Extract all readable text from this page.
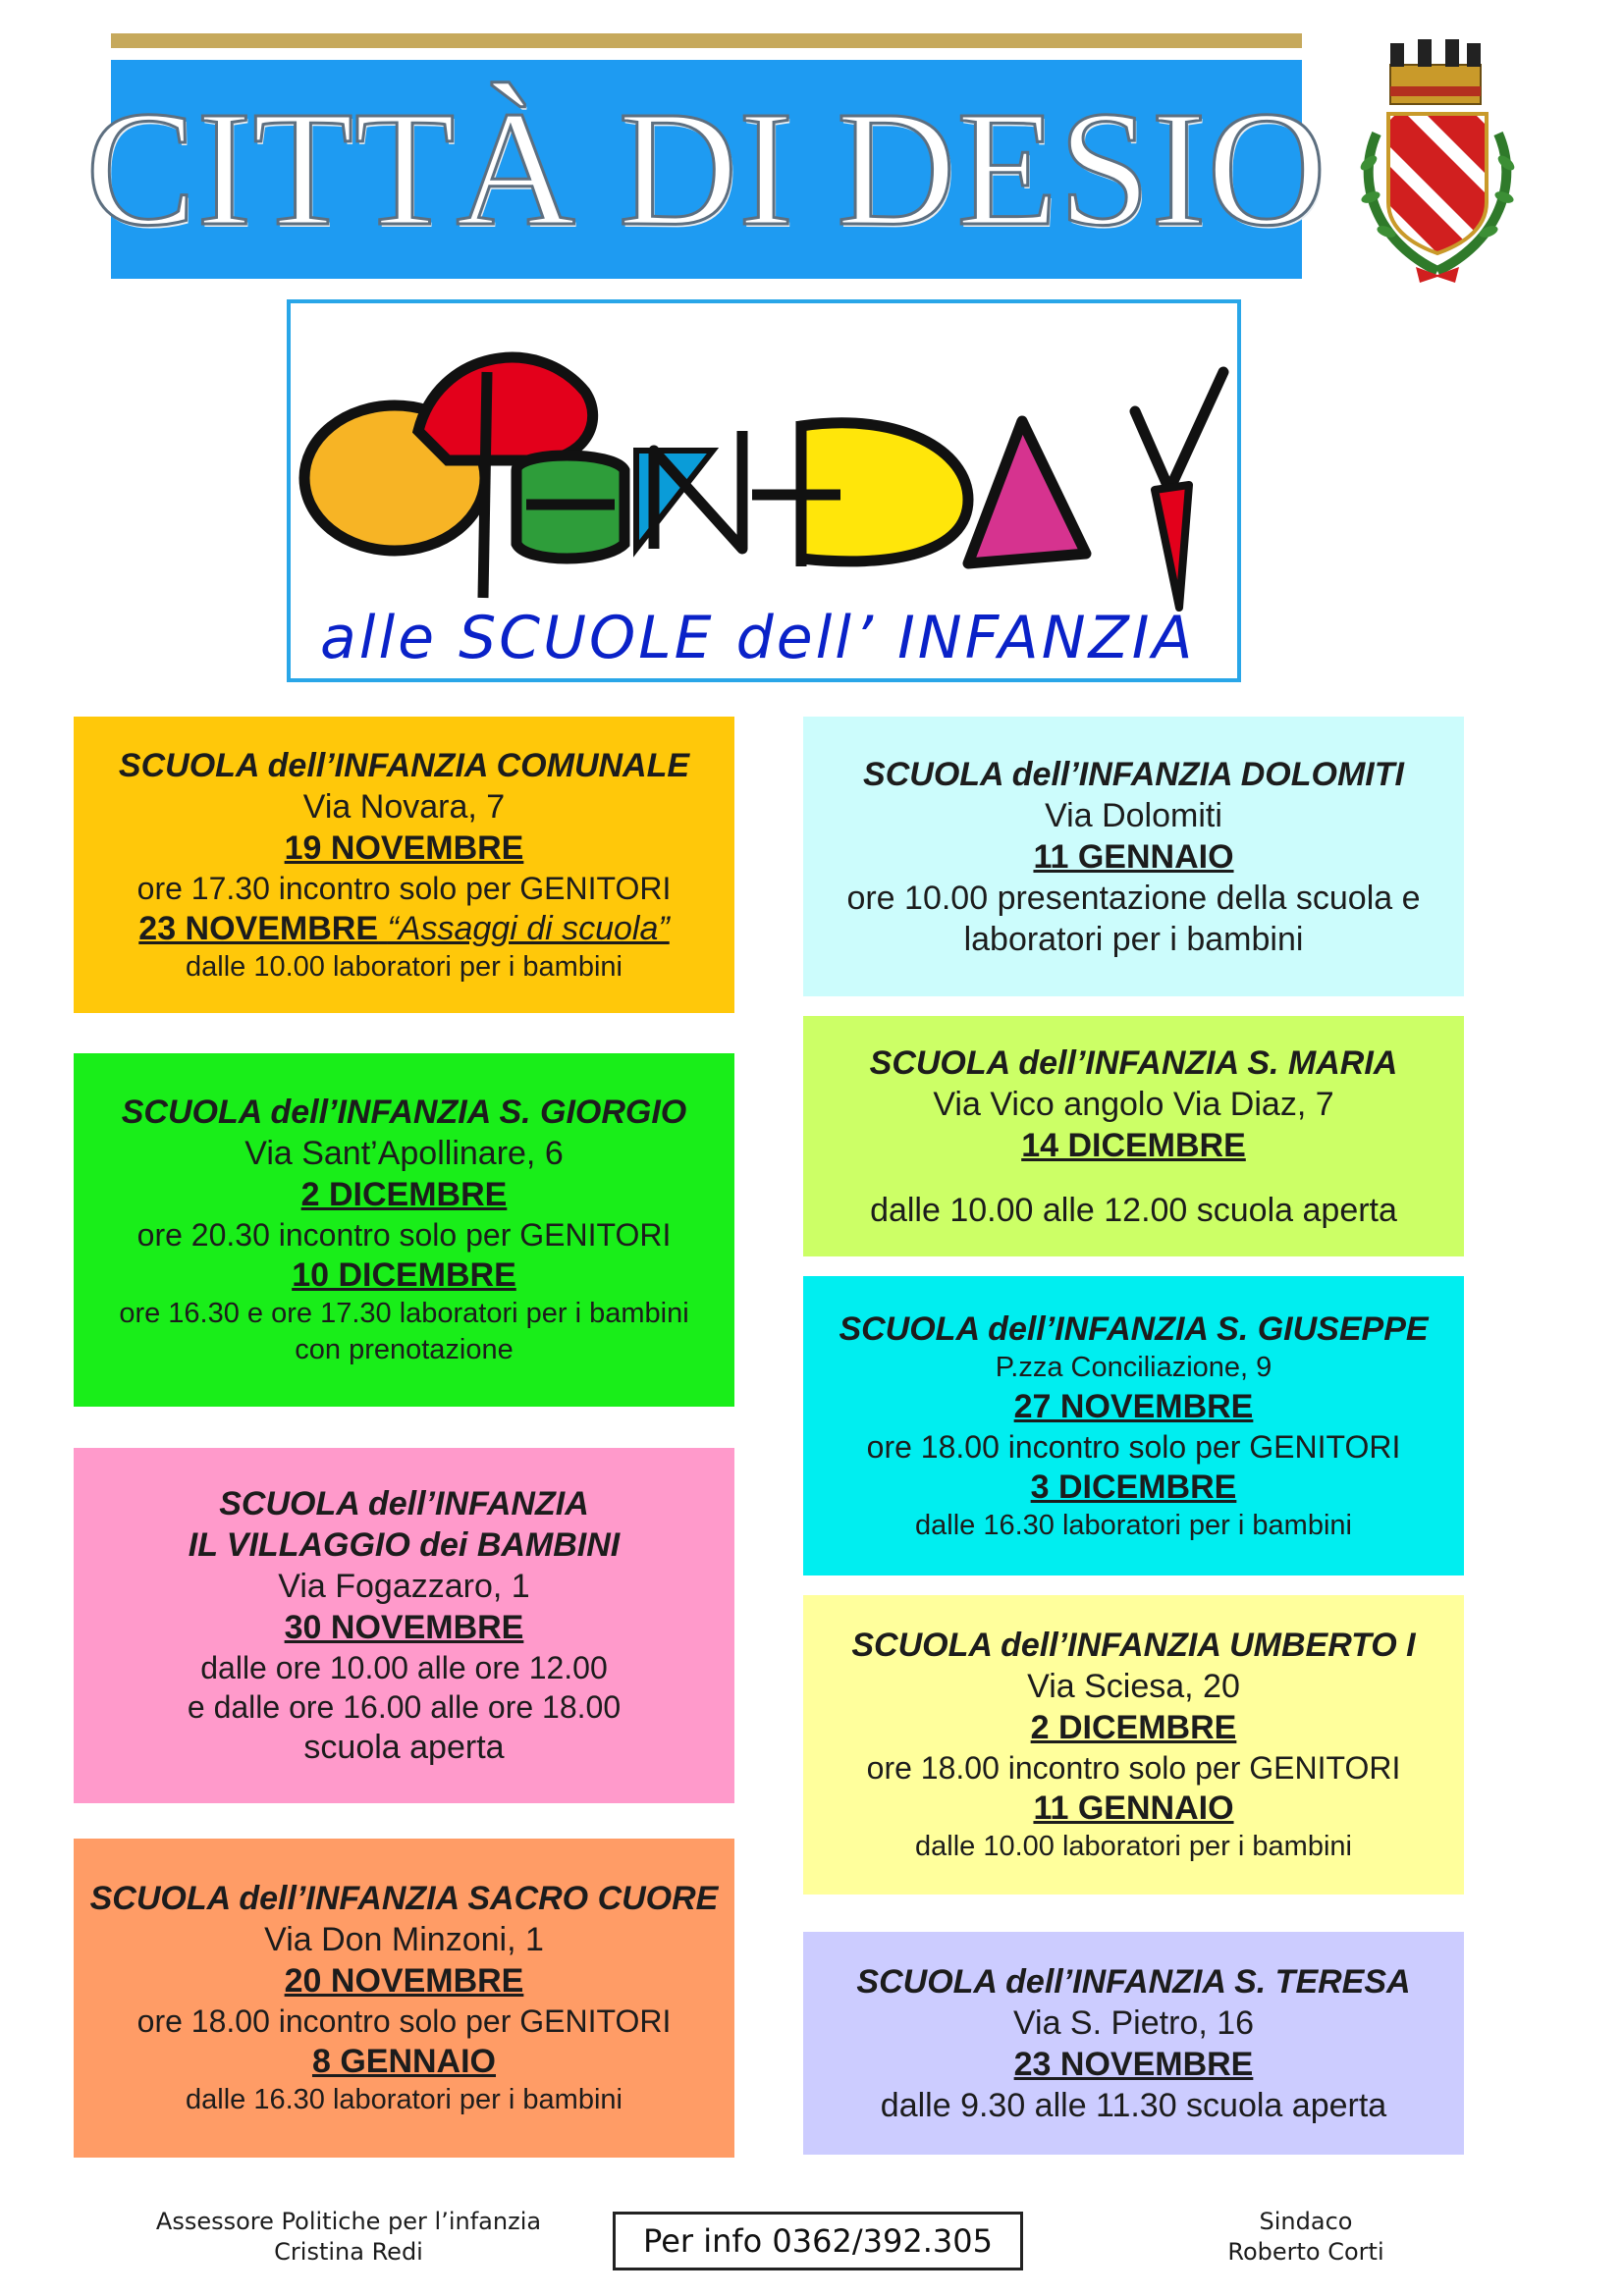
CITTÀ DI DESIO
alle SCUOLE dell’ INFANZIA
SCUOLA dell’INFANZIA COMUNALE
Via Novara, 7
19 NOVEMBRE
ore 17.30 incontro solo per GENITORI
23 NOVEMBRE “Assaggi di scuola”
dalle 10.00 laboratori per i bambini
SCUOLA dell’INFANZIA S. GIORGIO
Via Sant’Apollinare, 6
2 DICEMBRE
ore 20.30 incontro solo per GENITORI
10 DICEMBRE
ore 16.30 e ore 17.30 laboratori per i bambini
con prenotazione
SCUOLA dell’INFANZIA
IL VILLAGGIO dei BAMBINI
Via Fogazzaro, 1
30 NOVEMBRE
dalle ore 10.00 alle ore 12.00
e dalle ore 16.00 alle ore 18.00
scuola aperta
SCUOLA dell’INFANZIA SACRO CUORE
Via Don Minzoni, 1
20 NOVEMBRE
ore 18.00 incontro solo per GENITORI
8 GENNAIO
dalle 16.30 laboratori per i bambini
SCUOLA dell’INFANZIA DOLOMITI
Via Dolomiti
11 GENNAIO
ore 10.00 presentazione della scuola e
laboratori per i bambini
SCUOLA dell’INFANZIA S. MARIA
Via Vico angolo Via Diaz, 7
14 DICEMBRE
dalle 10.00 alle 12.00 scuola aperta
SCUOLA dell’INFANZIA S. GIUSEPPE
P.zza Conciliazione, 9
27 NOVEMBRE
ore 18.00 incontro solo per GENITORI
3 DICEMBRE
dalle 16.30 laboratori per i bambini
SCUOLA dell’INFANZIA UMBERTO I
Via Sciesa, 20
2 DICEMBRE
ore 18.00 incontro solo per GENITORI
11 GENNAIO
dalle 10.00 laboratori per i bambini
SCUOLA dell’INFANZIA S. TERESA
Via S. Pietro, 16
23 NOVEMBRE
dalle 9.30 alle 11.30 scuola aperta
Assessore Politiche per l’infanzia
Cristina Redi	Per info 0362/392.305
Sindaco
Roberto Corti
